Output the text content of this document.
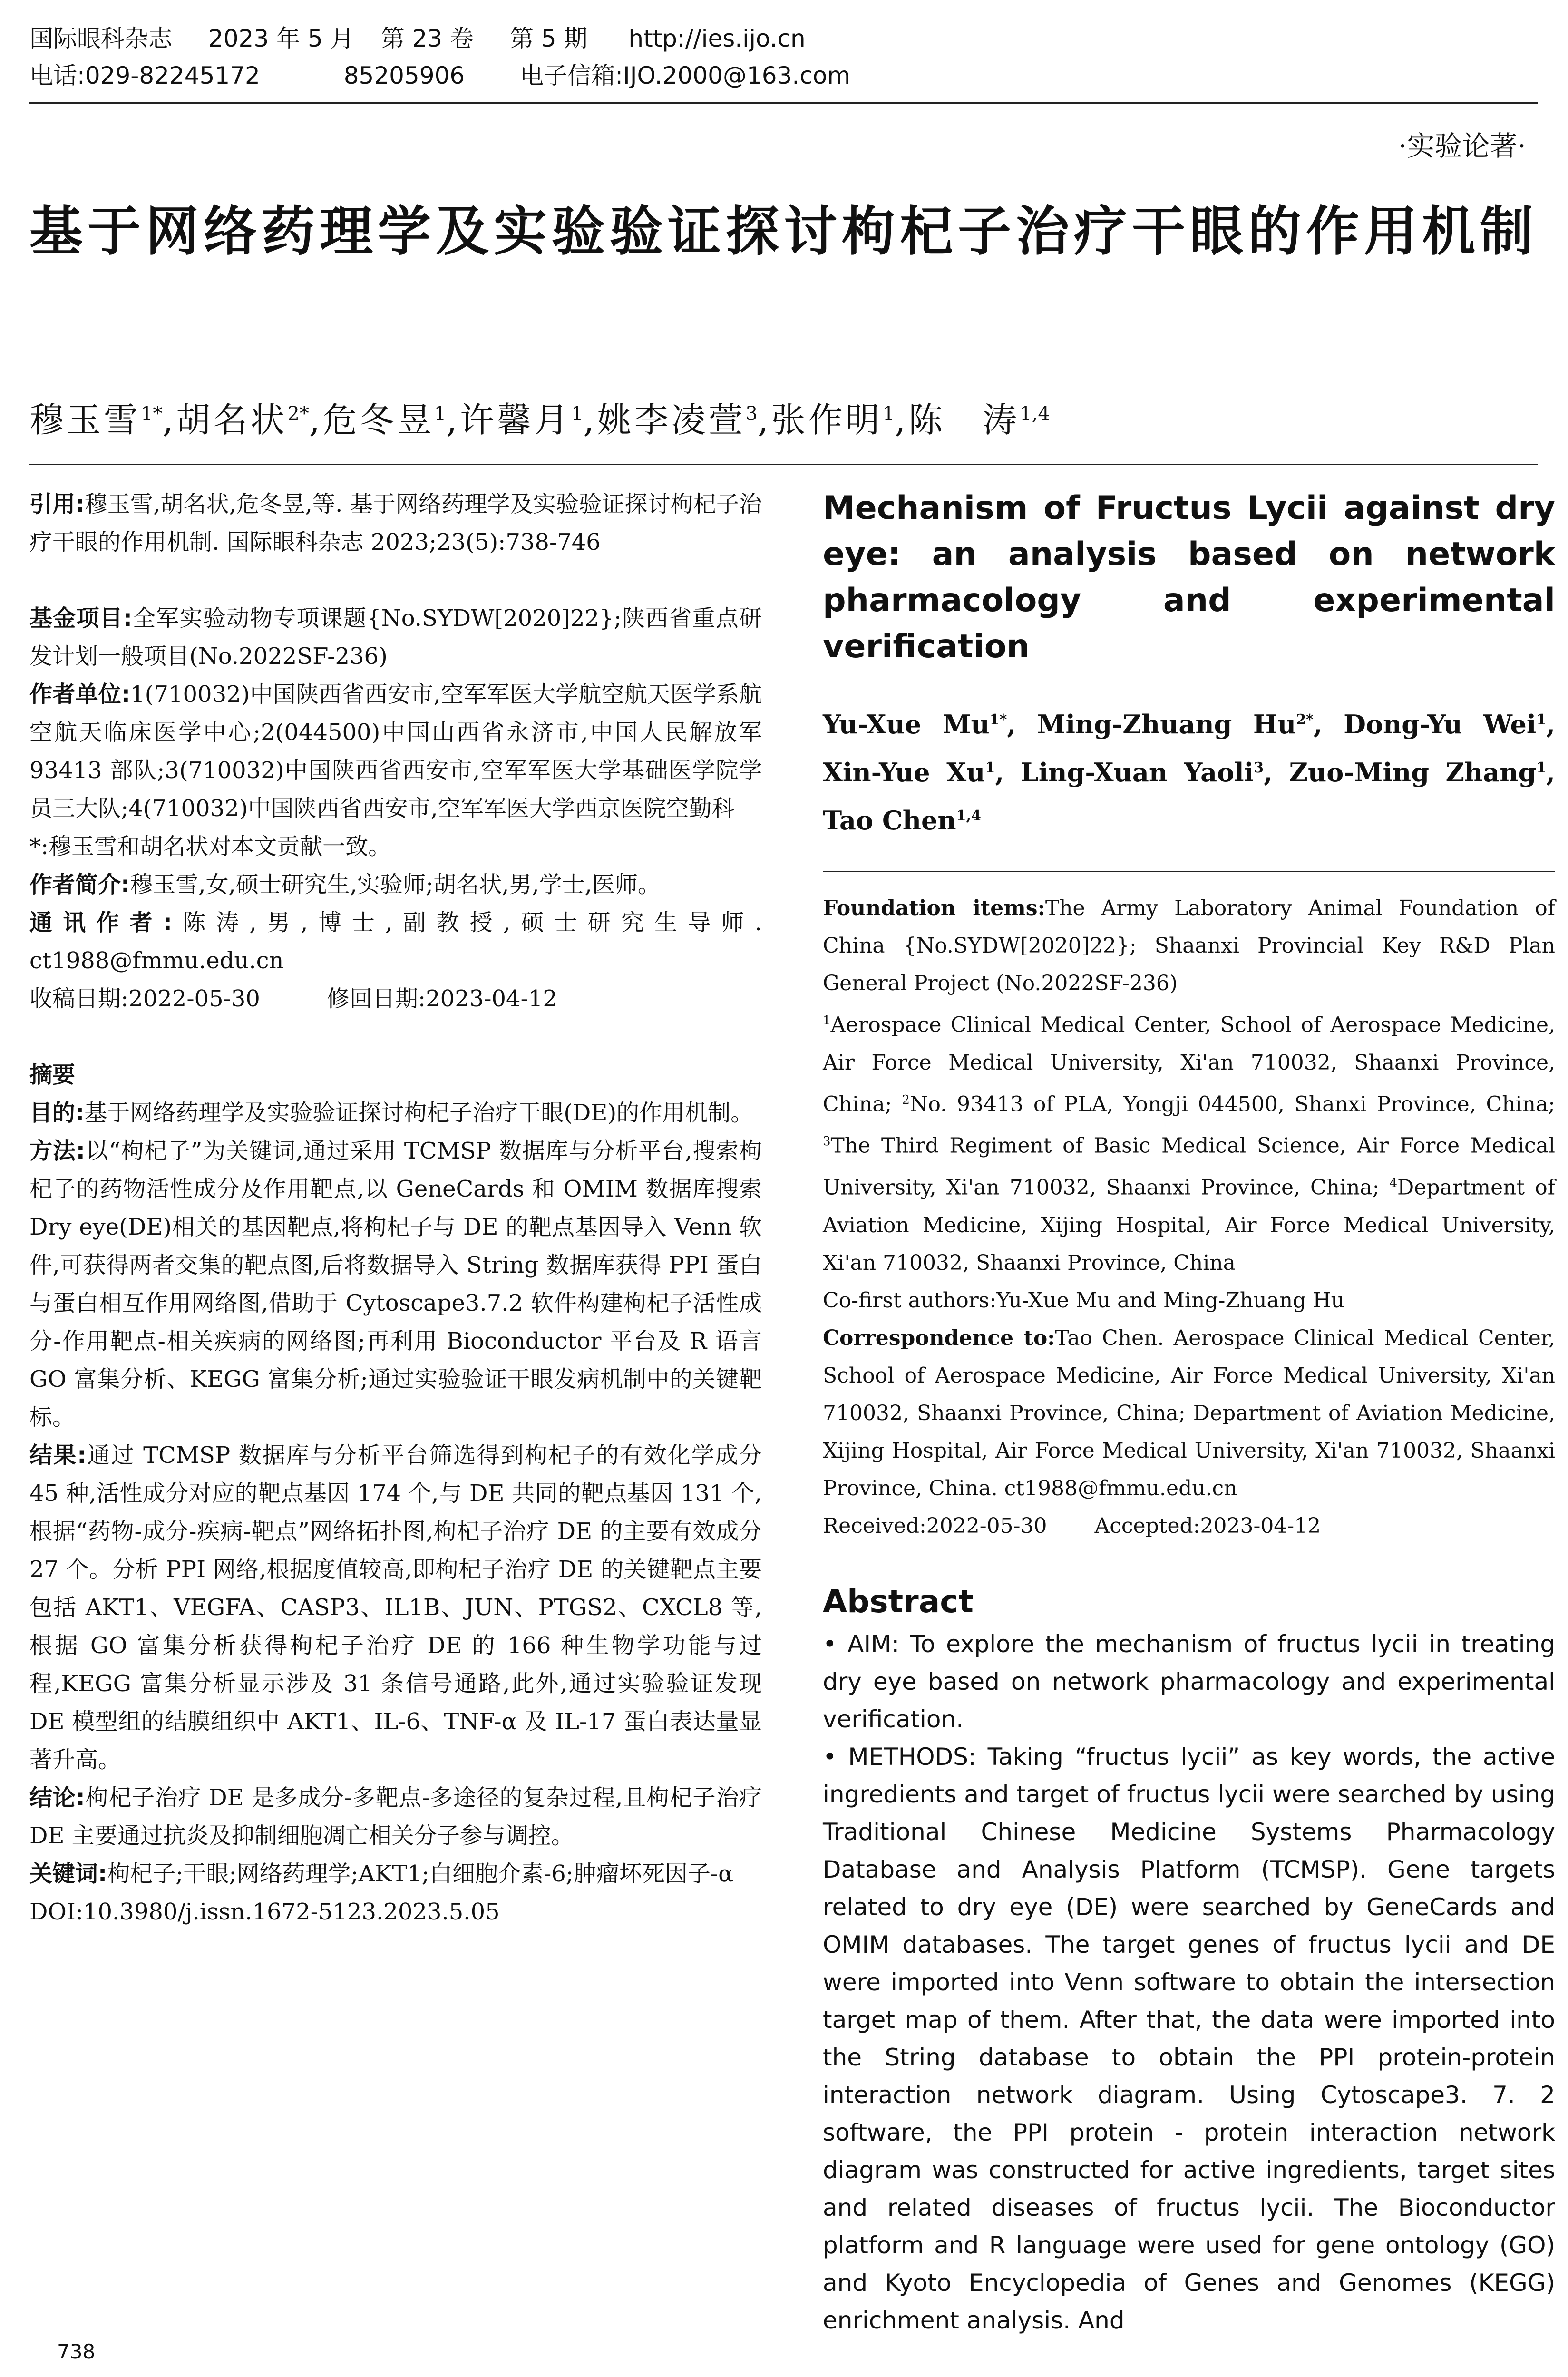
国际眼科杂志 2023 年 5 月 第 23 卷 第 5 期 http://ies.ijo.cn
电话:029-82245172	85205906 电子信箱:IJO.2000@163.com
·实验论著·
基于网络药理学及实验验证探讨枸杞子治疗干眼的作用机制
穆玉雪$^{1*}$,胡名状$^{2*}$,危冬昱$^1$,许馨月$^1$,姚李凌萱$^3$,张作明$^1$,陈　涛$^{1,4}$

引用:穆玉雪,胡名状,危冬昱,等. 基于网络药理学及实验验证探讨枸杞子治疗干眼的作用机制. 国际眼科杂志 2023;23(5):738-746

基金项目:全军实验动物专项课题{No.SYDW[2020]22};陕西省重点研发计划一般项目(No.2022SF-236)

作者单位:1(710032)中国陕西省西安市,空军军医大学航空航天医学系航空航天临床医学中心;2(044500)中国山西省永济市,中国人民解放军 93413 部队;3(710032)中国陕西省西安市,空军军医大学基础医学院学员三大队;4(710032)中国陕西省西安市,空军军医大学西京医院空勤科

*:穆玉雪和胡名状对本文贡献一致。

作者简介:穆玉雪,女,硕士研究生,实验师;胡名状,男,学士,医师。

通讯作者:陈涛,男,博士,副教授,硕士研究生导师. ct1988@fmmu.edu.cn

收稿日期:2022-05-30	修回日期:2023-04-12

摘要

目的:基于网络药理学及实验验证探讨枸杞子治疗干眼(DE)的作用机制。

方法:以“枸杞子”为关键词,通过采用 TCMSP 数据库与分析平台,搜索枸杞子的药物活性成分及作用靶点,以 GeneCards 和 OMIM 数据库搜索 Dry eye(DE)相关的基因靶点,将枸杞子与 DE 的靶点基因导入 Venn 软件,可获得两者交集的靶点图,后将数据导入 String 数据库获得 PPI 蛋白与蛋白相互作用网络图,借助于 Cytoscape3.7.2 软件构建枸杞子活性成分-作用靶点-相关疾病的网络图;再利用 Bioconductor 平台及 R 语言 GO 富集分析、KEGG 富集分析;通过实验验证干眼发病机制中的关键靶标。

结果:通过 TCMSP 数据库与分析平台筛选得到枸杞子的有效化学成分 45 种,活性成分对应的靶点基因 174 个,与 DE 共同的靶点基因 131 个,根据“药物-成分-疾病-靶点”网络拓扑图,枸杞子治疗 DE 的主要有效成分 27 个。分析 PPI 网络,根据度值较高,即枸杞子治疗 DE 的关键靶点主要包括 AKT1、VEGFA、CASP3、IL1B、JUN、PTGS2、CXCL8 等,根据 GO 富集分析获得枸杞子治疗 DE 的 166 种生物学功能与过程,KEGG 富集分析显示涉及 31 条信号通路,此外,通过实验验证发现 DE 模型组的结膜组织中 AKT1、IL-6、TNF-α 及 IL-17 蛋白表达量显著升高。

结论:枸杞子治疗 DE 是多成分-多靶点-多途径的复杂过程,且枸杞子治疗 DE 主要通过抗炎及抑制细胞凋亡相关分子参与调控。

关键词:枸杞子;干眼;网络药理学;AKT1;白细胞介素-6;肿瘤坏死因子-α

DOI:10.3980/j.issn.1672-5123.2023.5.05

Mechanism of Fructus Lycii against dry eye: an analysis based on network pharmacology and experimental verification

Yu-Xue $Mu^{1*}$, Ming-Zhuang $Hu^{2*}$, Dong-Yu Wei$^1$, Xin-Yue Xu$^1$, Ling-Xuan Yaoli$^3$, Zuo-Ming Zhang$^1$, Tao Chen$^{1,4}$

Foundation items:The Army Laboratory Animal Foundation of China {No.SYDW[2020]22}; Shaanxi Provincial Key R&D Plan General Project (No.2022SF-236)

$^1$Aerospace Clinical Medical Center, School of Aerospace Medicine, Air Force Medical University, Xi'an 710032, Shaanxi Province, China; $^2$No. 93413 of PLA, Yongji 044500, Shanxi Province, China; $^3$The Third Regiment of Basic Medical Science, Air Force Medical University, Xi'an 710032, Shaanxi Province, China; $^4$Department of Aviation Medicine, Xijing Hospital, Air Force Medical University, Xi'an 710032, Shaanxi Province, China

Co-first authors:Yu-Xue Mu and Ming-Zhuang Hu

Correspondence to:Tao Chen. Aerospace Clinical Medical Center, School of Aerospace Medicine, Air Force Medical University, Xi'an 710032, Shaanxi Province, China; Department of Aviation Medicine, Xijing Hospital, Air Force Medical University, Xi'an 710032, Shaanxi Province, China. ct1988@fmmu.edu.cn

Received:2022-05-30 Accepted:2023-04-12

Abstract

• AIM: To explore the mechanism of fructus lycii in treating dry eye based on network pharmacology and experimental verification.

• METHODS: Taking “fructus lycii” as key words, the active ingredients and target of fructus lycii were searched by using Traditional Chinese Medicine Systems Pharmacology Database and Analysis Platform (TCMSP). Gene targets related to dry eye (DE) were searched by GeneCards and OMIM databases. The target genes of fructus lycii and DE were imported into Venn software to obtain the intersection target map of them. After that, the data were imported into the String database to obtain the PPI protein-protein interaction network diagram. Using Cytoscape3. 7. 2 software, the PPI protein - protein interaction network diagram was constructed for active ingredients, target sites and related diseases of fructus lycii. The Bioconductor platform and R language were used for gene ontology (GO) and Kyoto Encyclopedia of Genes and Genomes (KEGG) enrichment analysis. And

738
